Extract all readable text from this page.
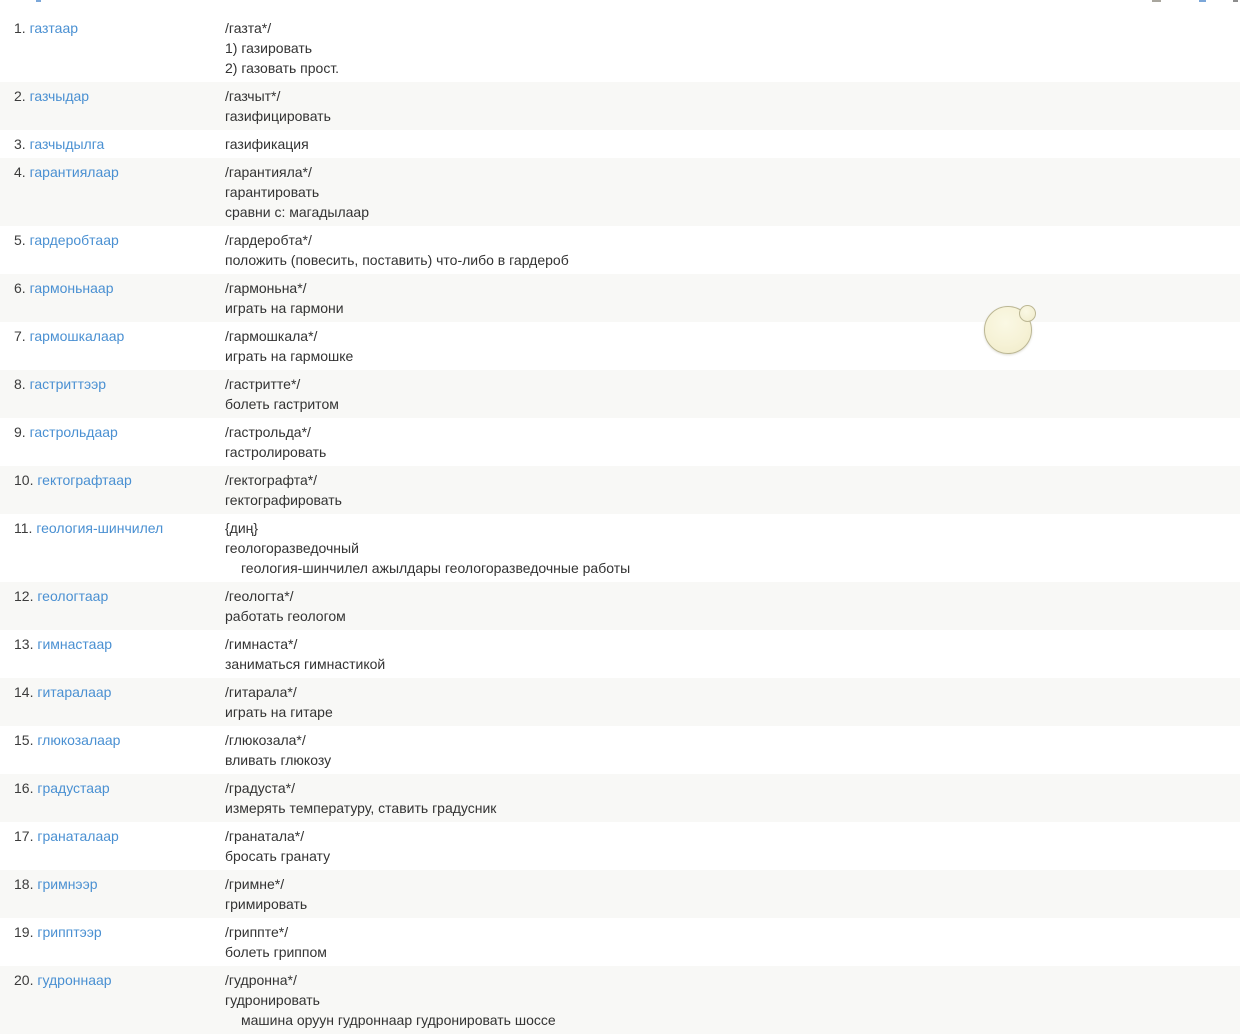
1. газтаар	/газта*/
1) газировать
2) газовать прост.
2. газчыдар	/газчыт*/
газифицировать
3. газчыдылга	газификация
4. гарантиялаар	/гарантияла*/
гарантировать
сравни с: магадылаар
5. гардеробтаар	/гардеробта*/
положить (повесить, поставить) что-либо в гардероб
6. гармоньнаар	/гармоньна*/
играть на гармони
7. гармошкалаар	/гармошкала*/
играть на гармошке
8. гастриттээр	/гастритте*/
болеть гастритом
9. гастрольдаар	/гастрольда*/
гастролировать
10. гектографтаар	/гектографта*/
гектографировать
11. геология-шинчилел	{диң}
геологоразведочный
геология-шинчилел ажылдары геологоразведочные работы
12. геологтаар	/геологта*/
работать геологом
13. гимнастаар	/гимнаста*/
заниматься гимнастикой
14. гитаралаар	/гитарала*/
играть на гитаре
15. глюкозалаар	/глюкозала*/
вливать глюкозу
16. градустаар	/градуста*/
измерять температуру, ставить градусник
17. гранаталаар	/гранатала*/
бросать гранату
18. гримнээр	/гримне*/
гримировать
19. грипптээр	/гриппте*/
болеть гриппом
20. гудроннаар	/гудронна*/
гудронировать
машина оруун гудроннаар гудронировать шоссе
